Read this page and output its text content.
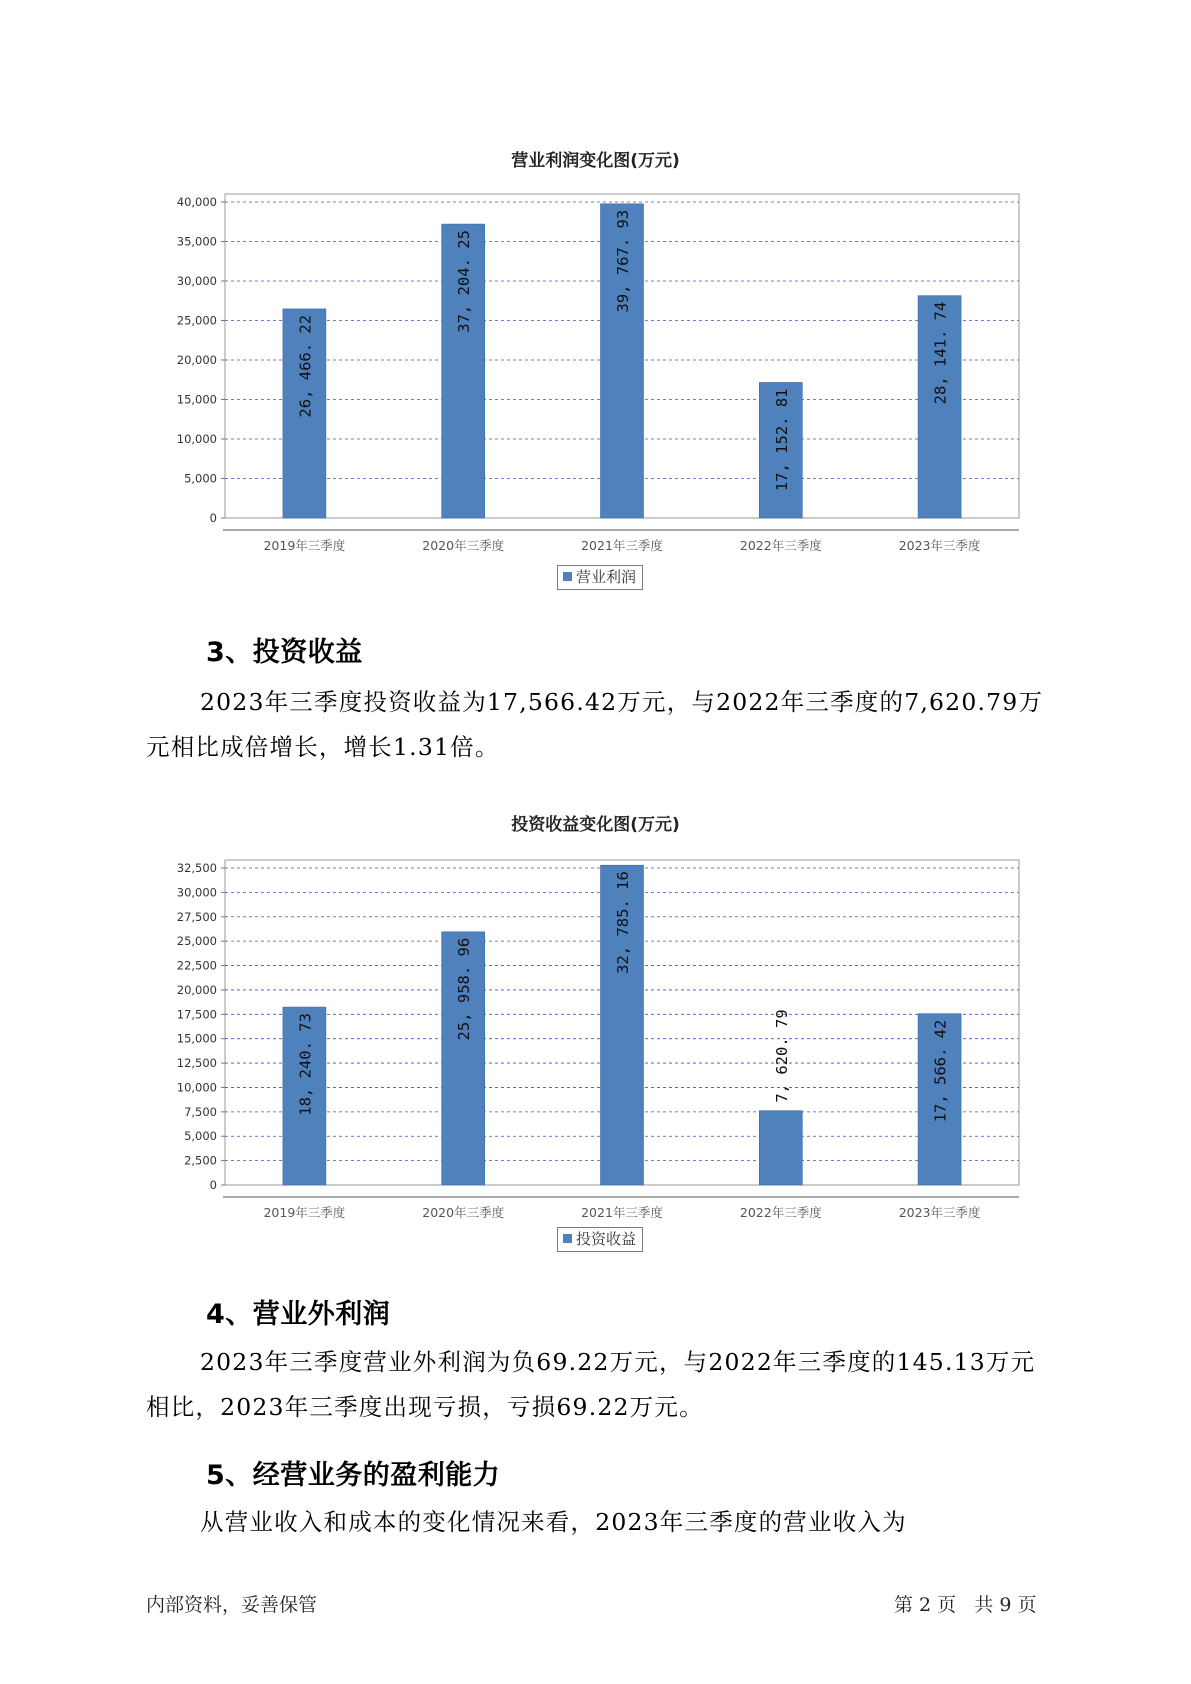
营业利润变化图(万元)
0
5,000
10,000
15,000
20,000
25,000
30,000
35,000
40,000
26, 466. 22
2019年三季度
37, 204. 25
2020年三季度
39, 767. 93
2021年三季度
17, 152. 81
2022年三季度
28, 141. 74
2023年三季度
营业利润
3、投资收益
2023年三季度投资收益为17,566.42万元，与2022年三季度的7,620.79万元相比成倍增长，增长1.31倍。
投资收益变化图(万元)
0
2,500
5,000
7,500
10,000
12,500
15,000
17,500
20,000
22,500
25,000
27,500
30,000
32,500
18, 240. 73
2019年三季度
25, 958. 96
2020年三季度
32, 785. 16
2021年三季度
7, 620. 79
2022年三季度
17, 566. 42
2023年三季度
投资收益
4、营业外利润
2023年三季度营业外利润为负69.22万元，与2022年三季度的145.13万元相比，2023年三季度出现亏损，亏损69.22万元。
5、经营业务的盈利能力
从营业收入和成本的变化情况来看，2023年三季度的营业收入为
内部资料，妥善保管	第 2 页   共 9 页
